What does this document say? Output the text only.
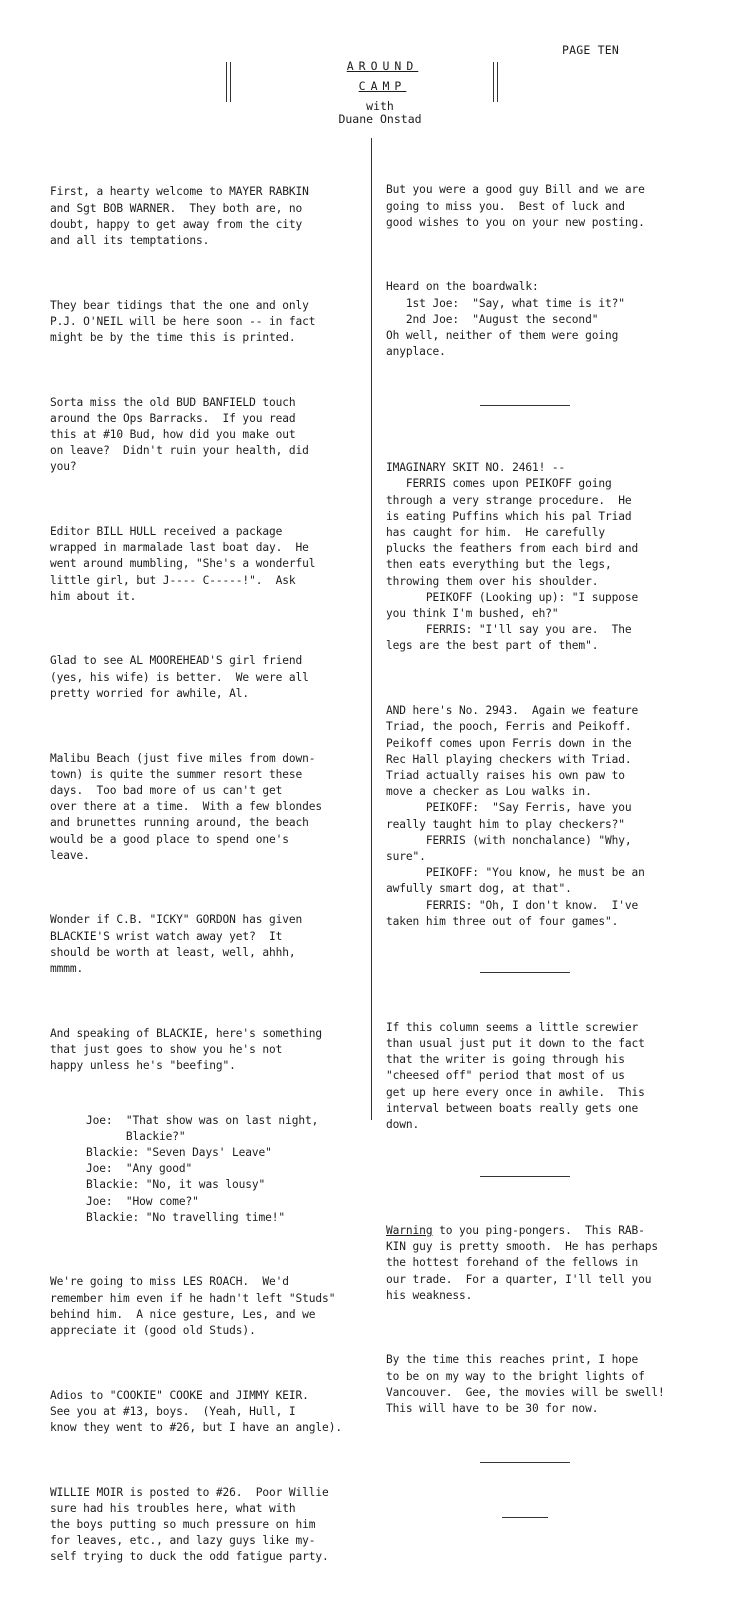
PAGE TEN
AROUND
CAMP
with
Duane Onstad

First, a hearty welcome to MAYER RABKIN
and Sgt BOB WARNER.  They both are, no
doubt, happy to get away from the city
and all its temptations.

They bear tidings that the one and only
P.J. O'NEIL will be here soon -- in fact
might be by the time this is printed.

Sorta miss the old BUD BANFIELD touch
around the Ops Barracks.  If you read
this at #10 Bud, how did you make out
on leave?  Didn't ruin your health, did
you?

Editor BILL HULL received a package
wrapped in marmalade last boat day.  He
went around mumbling, "She's a wonderful
little girl, but J---- C-----!".  Ask
him about it.

Glad to see AL MOOREHEAD'S girl friend
(yes, his wife) is better.  We were all
pretty worried for awhile, Al.

Malibu Beach (just five miles from down-
town) is quite the summer resort these
days.  Too bad more of us can't get
over there at a time.  With a few blondes
and brunettes running around, the beach
would be a good place to spend one's
leave.

Wonder if C.B. "ICKY" GORDON has given
BLACKIE'S wrist watch away yet?  It
should be worth at least, well, ahhh,
mmmm.

And speaking of BLACKIE, here's something
that just goes to show you he's not
happy unless he's "beefing".

Joe:  "That show was on last night,
Blackie?"
Blackie: "Seven Days' Leave"
Joe:  "Any good"
Blackie: "No, it was lousy"
Joe:  "How come?"
Blackie: "No travelling time!"

We're going to miss LES ROACH.  We'd
remember him even if he hadn't left "Studs"
behind him.  A nice gesture, Les, and we
appreciate it (good old Studs).

Adios to "COOKIE" COOKE and JIMMY KEIR.
See you at #13, boys.  (Yeah, Hull, I
know they went to #26, but I have an angle).

WILLIE MOIR is posted to #26.  Poor Willie
sure had his troubles here, what with
the boys putting so much pressure on him
for leaves, etc., and lazy guys like my-
self trying to duck the odd fatigue party.

But you were a good guy Bill and we are
going to miss you.  Best of luck and
good wishes to you on your new posting.

Heard on the boardwalk:
1st Joe:  "Say, what time is it?"
2nd Joe:  "August the second"
Oh well, neither of them were going
anyplace.

IMAGINARY SKIT NO. 2461! --
FERRIS comes upon PEIKOFF going
through a very strange procedure.  He
is eating Puffins which his pal Triad
has caught for him.  He carefully
plucks the feathers from each bird and
then eats everything but the legs,
throwing them over his shoulder.
PEIKOFF (Looking up): "I suppose
you think I'm bushed, eh?"
FERRIS: "I'll say you are.  The
legs are the best part of them".

AND here's No. 2943.  Again we feature
Triad, the pooch, Ferris and Peikoff.
Peikoff comes upon Ferris down in the
Rec Hall playing checkers with Triad.
Triad actually raises his own paw to
move a checker as Lou walks in.
PEIKOFF:  "Say Ferris, have you
really taught him to play checkers?"
FERRIS (with nonchalance) "Why,
sure".
PEIKOFF: "You know, he must be an
awfully smart dog, at that".
FERRIS: "Oh, I don't know.  I've
taken him three out of four games".

If this column seems a little screwier
than usual just put it down to the fact
that the writer is going through his
"cheesed off" period that most of us
get up here every once in awhile.  This
interval between boats really gets one
down.

Warning to you ping-pongers.  This RAB-
KIN guy is pretty smooth.  He has perhaps
the hottest forehand of the fellows in
our trade.  For a quarter, I'll tell you
his weakness.

By the time this reaches print, I hope
to be on my way to the bright lights of
Vancouver.  Gee, the movies will be swell!
This will have to be 30 for now.
